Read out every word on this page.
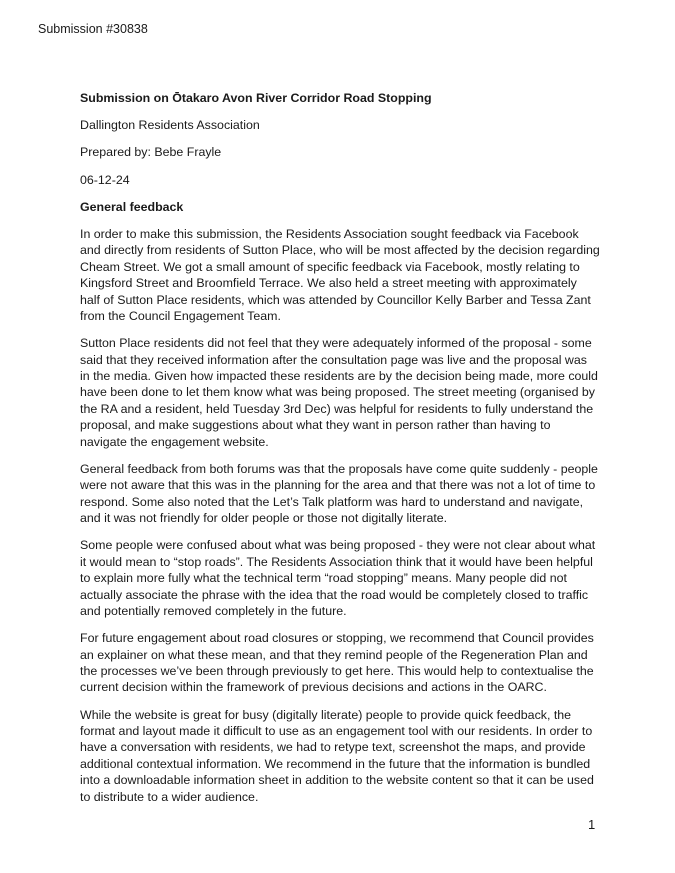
Submission #30838

Submission on Ōtakaro Avon River Corridor Road Stopping

Dallington Residents Association

Prepared by: Bebe Frayle

06-12-24

General feedback

In order to make this submission, the Residents Association sought feedback via Facebook and directly from residents of Sutton Place, who will be most affected by the decision regarding Cheam Street. We got a small amount of specific feedback via Facebook, mostly relating to Kingsford Street and Broomfield Terrace. We also held a street meeting with approximately half of Sutton Place residents, which was attended by Councillor Kelly Barber and Tessa Zant from the Council Engagement Team.

Sutton Place residents did not feel that they were adequately informed of the proposal - some said that they received information after the consultation page was live and the proposal was in the media. Given how impacted these residents are by the decision being made, more could have been done to let them know what was being proposed. The street meeting (organised by the RA and a resident, held Tuesday 3rd Dec) was helpful for residents to fully understand the proposal, and make suggestions about what they want in person rather than having to navigate the engagement website.

General feedback from both forums was that the proposals have come quite suddenly - people were not aware that this was in the planning for the area and that there was not a lot of time to respond. Some also noted that the Let’s Talk platform was hard to understand and navigate, and it was not friendly for older people or those not digitally literate.

Some people were confused about what was being proposed - they were not clear about what it would mean to “stop roads”. The Residents Association think that it would have been helpful to explain more fully what the technical term “road stopping” means. Many people did not actually associate the phrase with the idea that the road would be completely closed to traffic and potentially removed completely in the future.

For future engagement about road closures or stopping, we recommend that Council provides an explainer on what these mean, and that they remind people of the Regeneration Plan and the processes we’ve been through previously to get here. This would help to contextualise the current decision within the framework of previous decisions and actions in the OARC.

While the website is great for busy (digitally literate) people to provide quick feedback, the format and layout made it difficult to use as an engagement tool with our residents. In order to have a conversation with residents, we had to retype text, screenshot the maps, and provide additional contextual information. We recommend in the future that the information is bundled into a downloadable information sheet in addition to the website content so that it can be used to distribute to a wider audience.

1
